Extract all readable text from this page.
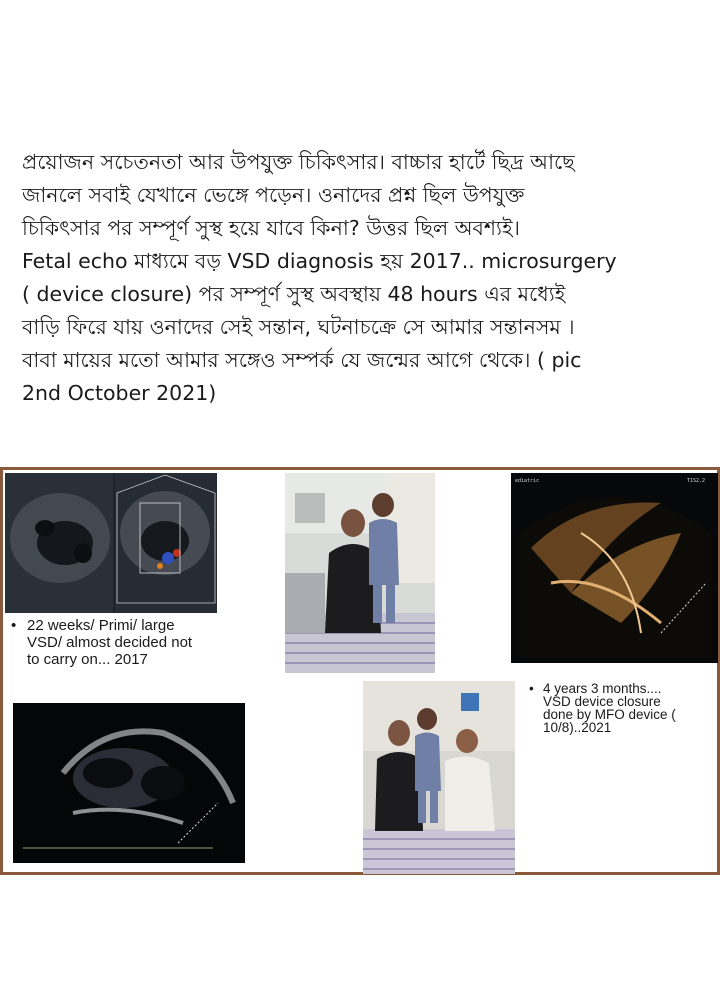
প্রয়োজন সচেতনতা আর উপযুক্ত চিকিৎসার। বাচ্চার হার্টে ছিদ্র আছে
জানলে সবাই যেখানে ভেঙ্গে পড়েন। ওনাদের প্রশ্ন ছিল উপযুক্ত
চিকিৎসার পর সম্পূর্ণ সুস্থ হয়ে যাবে কিনা? উত্তর ছিল অবশ্যই।
Fetal echo মাধ্যমে বড় VSD diagnosis হয় 2017.. microsurgery
( device closure) পর সম্পূর্ণ সুস্থ অবস্থায় 48 hours এর মধ্যেই
বাড়ি ফিরে যায় ওনাদের সেই সন্তান, ঘটনাচক্রে সে আমার সন্তানসম ।
বাবা মায়ের মতো আমার সঙ্গেও সম্পর্ক যে জন্মের আগে থেকে। ( pic
2nd October 2021)
• 22 weeks/ Primi/ large
VSD/ almost decided not
to carry on... 2017
ediatric	T1S2.2
• 4 years 3 months....
VSD device closure
done by MFO device (
10/8)..2021
